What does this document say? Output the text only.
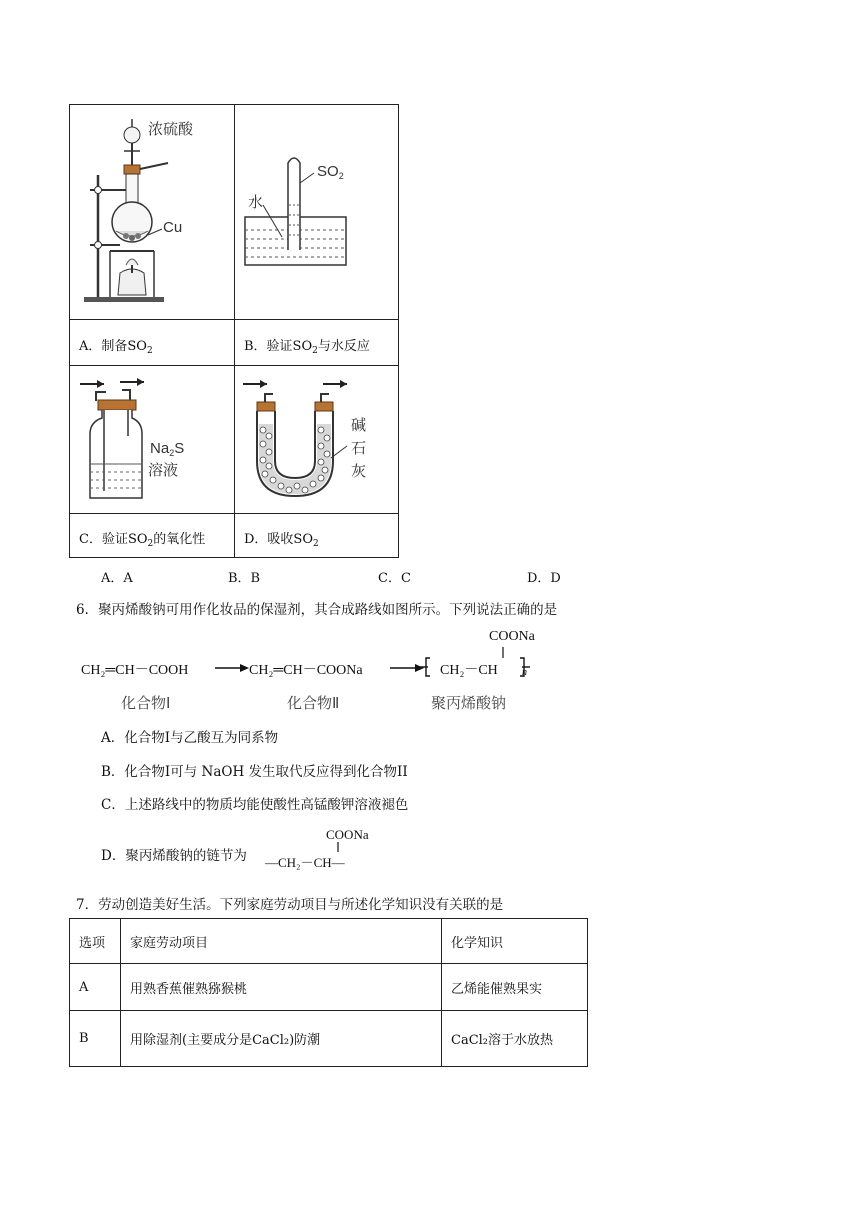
浓硫酸
Cu
$SO_2$
水
$Na_2S$
溶液
碱
石
灰
A．制备$SO_2$	B．验证$SO_2$与水反应
C．验证$SO_2$的氧化性	D．吸收$SO_2$
A．A	B．B	C．C	D．D
6．聚丙烯酸钠可用作化妆品的保湿剂，其合成路线如图所示。下列说法正确的是
CH₂═CH－COOH	CH₂═CH－COONa
COONa
CH₂－CH n
化合物Ⅰ	化合物Ⅱ	聚丙烯酸钠
A．化合物Ⅰ与乙酸互为同系物
B．化合物Ⅰ可与 NaOH 发生取代反应得到化合物II
C．上述路线中的物质均能使酸性高锰酸钾溶液褪色
D．聚丙烯酸钠的链节为
COONa
—CH₂－CH—
7．劳动创造美好生活。下列家庭劳动项目与所述化学知识没有关联的是
选项	家庭劳动项目	化学知识
A	用熟香蕉催熟猕猴桃	乙烯能催熟果实
B	用除湿剂(主要成分是CaCl₂)防潮	CaCl₂溶于水放热
